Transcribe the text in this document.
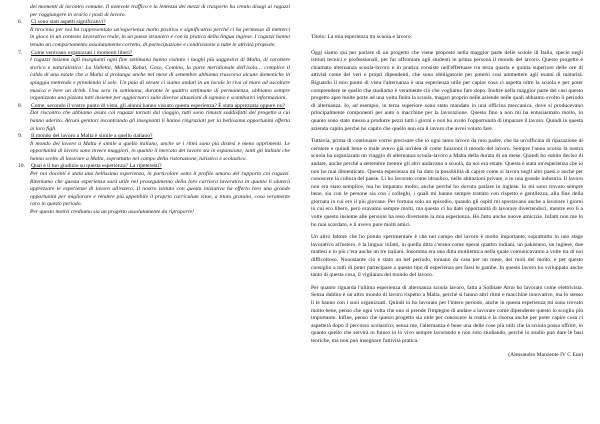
dei momenti di incontro comune. Il notevole traffico e la lentezza dei mezzi di trasporto ha creato disagi ai ragazzi per raggiungere in orario i posti di lavoro.

6.	Ci sono stati aspetti significativi?

Il tirocinio per noi ha rappresentato un'esperienza molto positiva e significativa perché ci ha permesso di metterci in gioco in un contesto lavorativo reale, in un paese straniero e con la pratica della lingua inglese. I ragazzi hanno tenuto un comportamento assolutamente corretto, di partecipazione e condivisione a tutte le attività proposte.

7.	Come venivano organizzati i momenti liberi?

I ragazzi insieme agli insegnanti ogni fine settimana hanno visitato i luoghi più suggestivi di Malta, di carattere storico e naturalistico: La Valletta, Mdina, Rabat, Gozo, Comino, la parte meridionale dell'isola… complice il caldo di una estate che a Malta si prolunga anche nel mese di settembre abbiamo trascorso alcune domeniche in spiaggia mettendo e prendendo il sole. Un paio di serate ci siamo andati in un locale in riva al mare ad ascoltare musica e bere un drink. Una sera in settimana, durante le quattro settimane di permanenza, abbiamo sempre organizzato una pizzata tutti insieme per aggiornarci sulle diverse situazioni di ognuno e scambiarci informazioni.

8.	Come, secondo il vostro punto di vista, gli alunni hanno vissuto questa esperienza? È stata apprezzata oppure no?

Dal riscontro che abbiamo avuto coi ragazzi tornati dal viaggio, tutti sono rimasti soddisfatti del progetto a cui hanno aderito. Alcuni genitori incontrando gli insegnanti li hanno ringraziati per la bellissima opportunità offerta ai loro figli.

9.	Il mondo del lavoro a Malta è simile a quello italiano?

Il mondo del lavoro a Malta è simile a quello italiano, anche se i ritmi sono più distesi e meno opprimenti. Le opportunità di lavoro sono invece maggiori, in quanto il mercato del lavoro sta in espansione; tanti gli italiani che hanno scelto di lavorare a Malta, soprattutto nel campo della ristorazione, turistico e scolastico.

10.	Qual è il tuo giudizio su questa esperienza? La ripeteresti?

Per noi docenti è stata una bellissima esperienza, in particolare sotto il profilo umano del rapporto coi ragazzi. Riteniamo che questa esperienza sarà utile nel proseguimento della loro carriera lavorativa in quanto li aiuterà apprezzare le esperienze di lavoro all'estero. Il nostro istituto con questa iniziativa ha offerto loro una grande opportunità per migliorare e rendere più appetibile il proprio curriculum vitae, a titolo gratuito, cosa veramente rara in questo periodo.

Per questo motivi crediamo sia un progetto assolutamente da riproporre!

Titolo: La mia esperienza tra scuola e lavoro.

Oggi siamo qui per parlare di un progetto che viene proposto nella maggior parte delle scuole di Italia, specie negli istituti tecnici e professionali, per far affrontare agli studenti in prima persona il mondo del lavoro. Questo progetto è chiamato alternanza scuola-lavoro e in pratica consiste nell'effettuare tra terza quarta e quinta superiore delle ore di attività come dei veri e propri dipendenti, che sono obbligatorie per potersi così ammettere agli esami di maturità. Riguardo il mio punto di vista l'alternanza è una esperienza utile per capire cosa ci aspetta oltre la scuola e per poter comprendere se quello che studiamo è veramente ciò che vogliamo fare dopo. Inoltre nella maggior parte dei casi questo progetto apre molte porte ad una volta finita la scuola, magari proprio nelle aziende nelle quali abbiamo svolto il periodo di alternanza. Io, ad esempio, in terza superiore sono stato mandato in una officina meccanica, dove si producevano principalmente componenti per auto o macchine per la lavorazione. Questo fino a non mi ha entusiasmato molto, in quanto sono stato messo a produrre pezzi tutti i giorni e non ho avuto l'opportunità di imparare il lavoro. Quindi in questa azienda capito perché ho capito che quello non era il lavoro che avrei voluto fare.

Tuttavia, prima di continuare vorrei precisare che io ogni tanto lavoro da mio padre, che ha un'officina di riparazione di cerniere e quindi bene o male avevo già un'idea di come funzioni il mondo del lavoro. Sempre l'anno scorso la nostra scuola ha organizzato un viaggio di alternanza scuola-lavoro a Malta della durata di un mese. Quindi ho subito deciso di andare, anche perché a settembre mentre gli altri andavano a scuola, da noi era estate. Questa è stata un'esperienza che io non ho mai dimenticato. Questa esperienza mi ha dato la possibilità di capire come si lavora negli altri paesi e anche per conoscere la cultura del paese. Lì ho lavorato come idraulico, nelle abitazioni private, e in una grande industria. Il lavoro non era stato semplice, ma ho imparato molto, anche perché ho dovuto parlare in inglese. Io mi sono trovato sempre bene, sia con le persone sia con i colleghi, i quali mi hanno sempre trattato con rispetto e gentilezza, alla fine della giornata in cui ero il più giovane. Per fortuna solo un episodio, quando gli ospiti mi spostavano anche a lavorare i giorni in cui ero libero, però eravamo sempre molti, ma questo ci ha dato opportunità di lavorare divertendoci, mentre ero lì a volte questo insieme alle persioni ha reso divertente la mia esperienza. Ho fatto anche nuove amicizie. Infatti non me lo ho mai scordato, e lì avevo pure molti amici.

Un altro fattore che ho potuto sperimentare è che nel campo del lavoro è molto importante, soprattutto in uno stage lavorativo all'estero, è la lingua: infatti, in quella ditta c'erano come operai quattro indiani, un pakistano, un inglese, due maltesi e io più c'era anche un tre italiani. Insomma era una ditta multietnica nella quale comunicavamo a volte tra di noi difficoltoso. Nonostante ciò è stato un bel periodo, lontano da casa per un mese, dei ruoli dei molto, e per questo consiglio a tutti di poter partecipare a questo tipo di esperienza per farsi le gambe. In questo lavoro ho sviluppato anche tanto di questa cosa, il vigilanza del mondo del lavoro.

Per quanto riguarda l'ultima esperienza di alternanza scuola lavoro, fatta a Solbiate Arno ho lavorato come elettricista. Senza dubbio è un altro mondo di lavoro rispetto a Malta, perché si hanno altri ritmi e macchine innovative, ma lo stesso lì le hanno con i suoi organizzati. Quindi io ho lavorato per l'intero periodo, anche in questa esperienza mi sono trovato molto bene, penso che ogni volta che uno si prende l'impegno di andare a lavorare come dipendente questo lo scoglio più importante. Infine, penso che questo progetto sia utile per conoscere la realtà e la risorsa anche per poter capire cosa ci aspetterà dopo il percorso scolastico; senza me, l'alternanza è bene una delle cose più utili che la scuola possa offrire, in quanto quello che servirà in futuro io lo vivo sempre lavorando e non solo studiando, perché lo studio può dare le basi teoriche, ma non può insegnare l'attività pratica.

(Alessandro Manzente IV C Ene)
